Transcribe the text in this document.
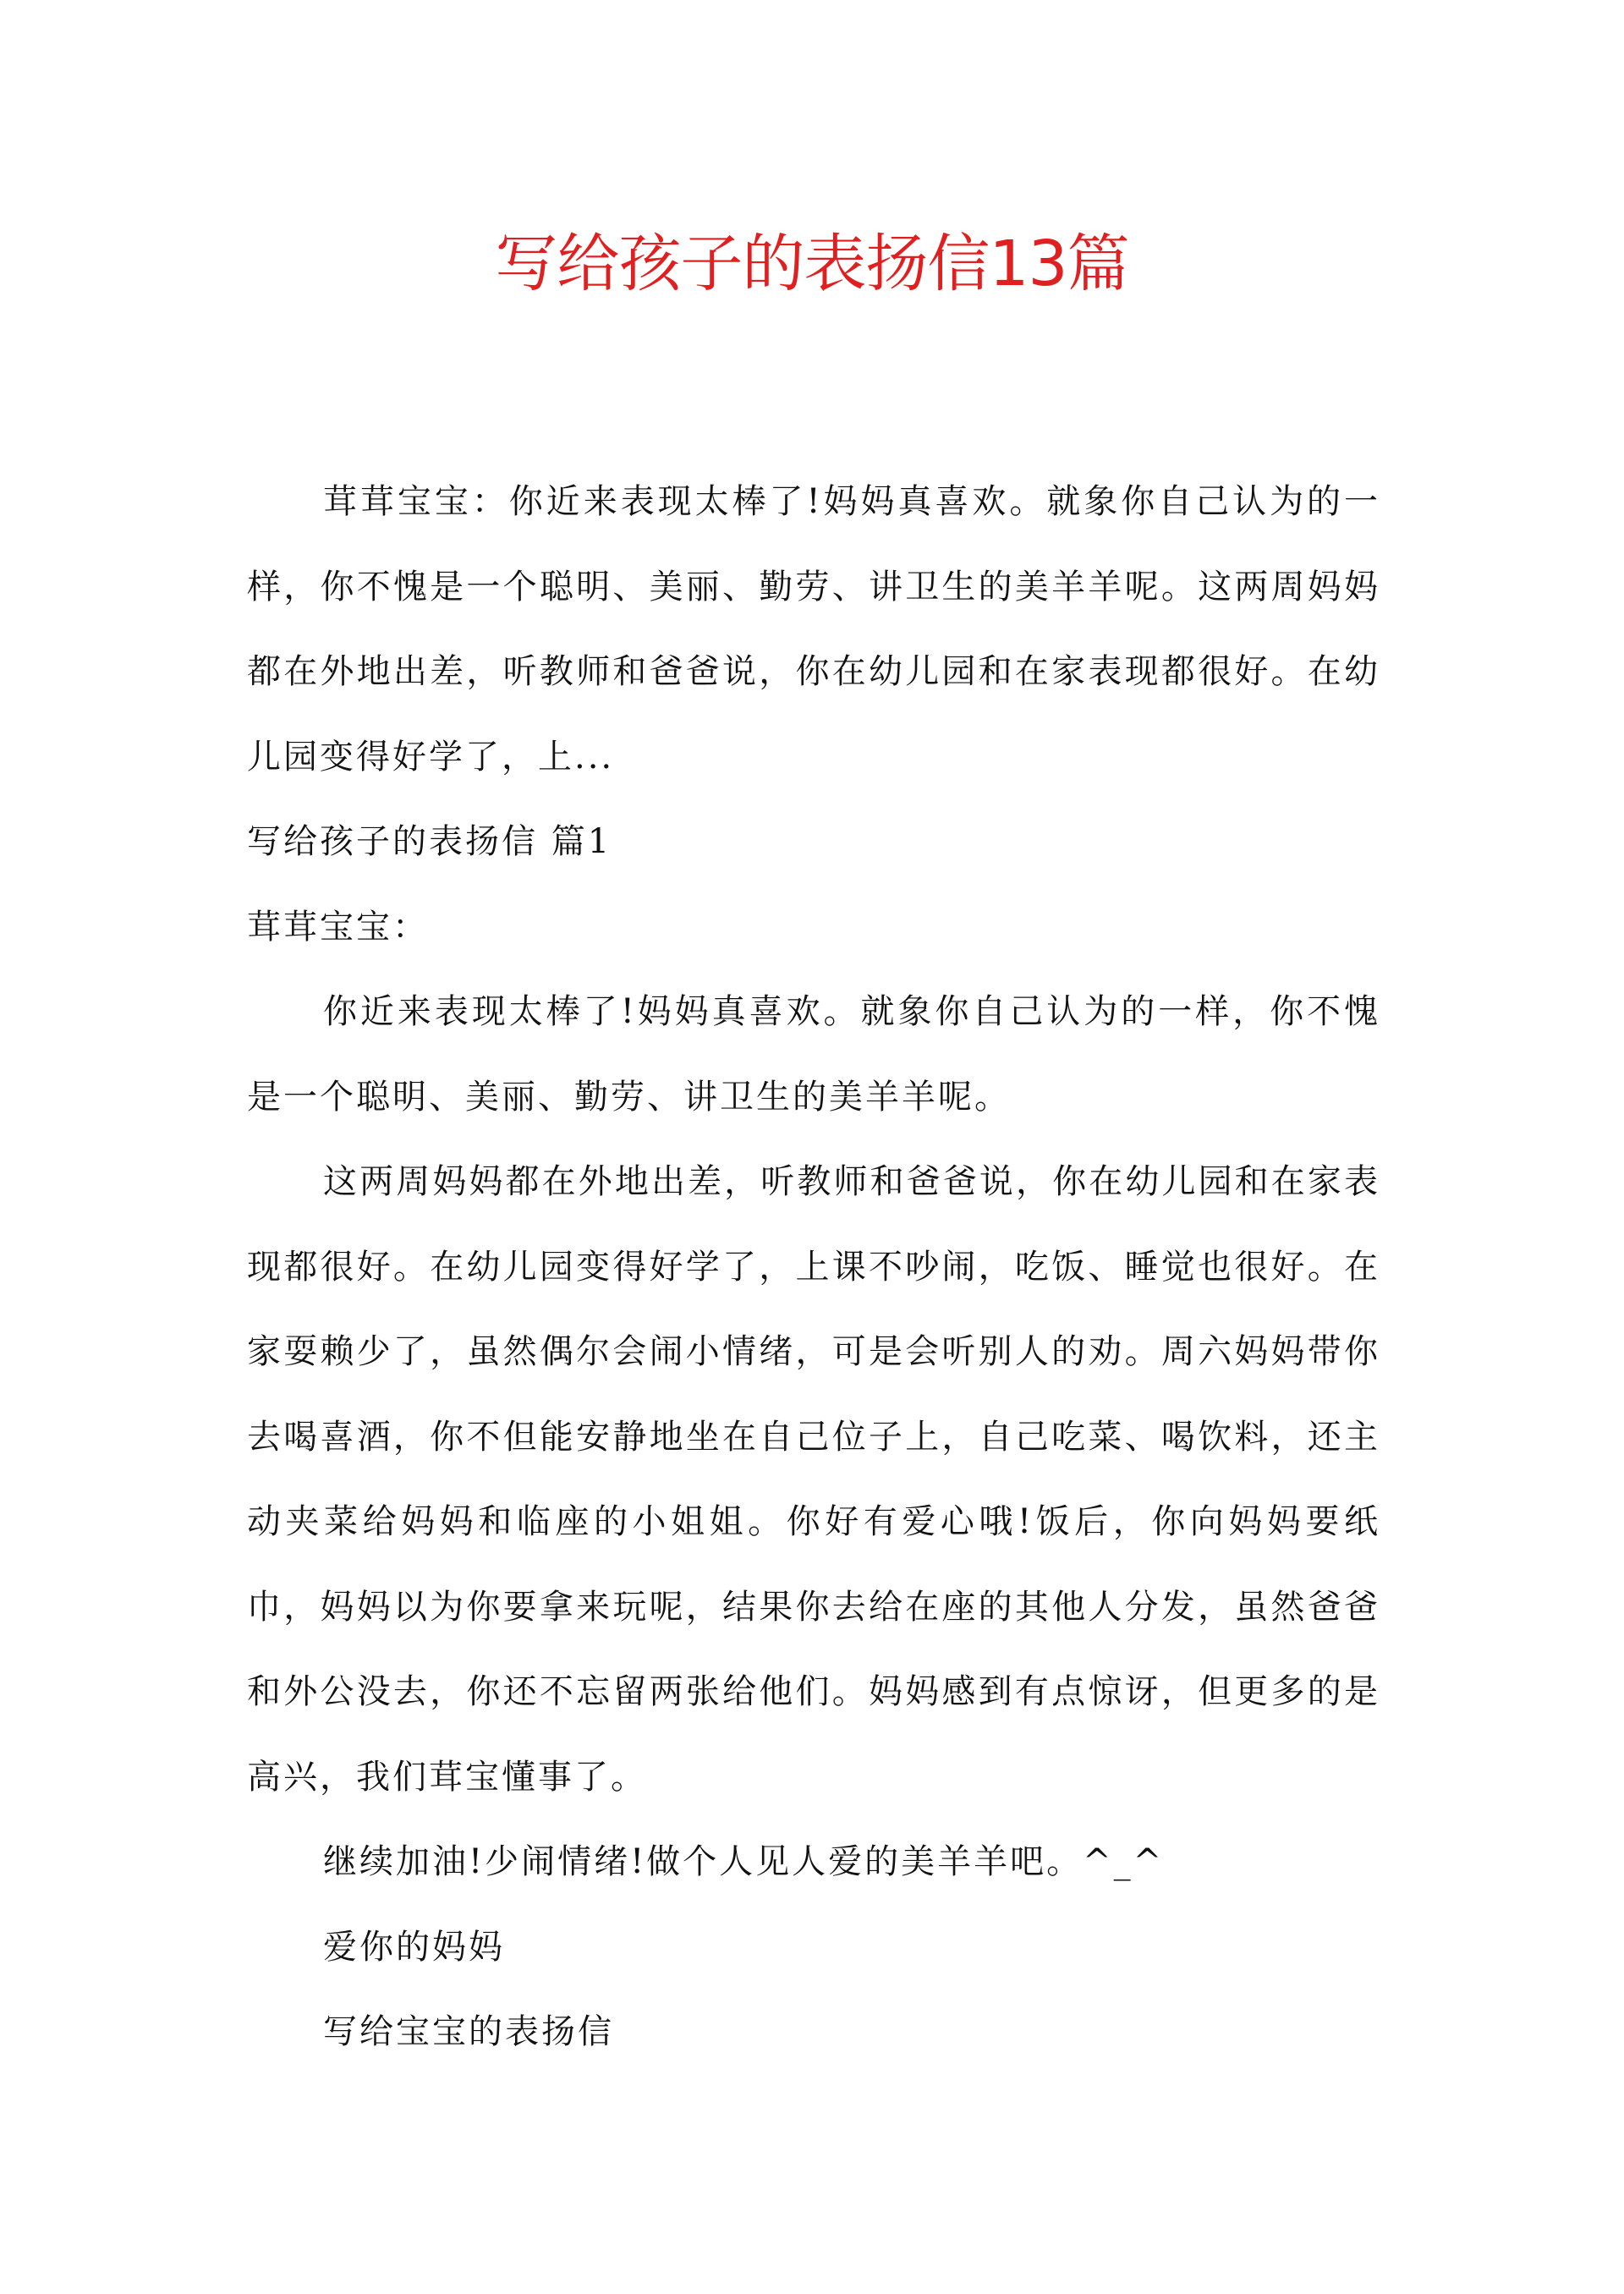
写给孩子的表扬信13篇

茸茸宝宝：你近来表现太棒了!妈妈真喜欢。就象你自己认为的一样，你不愧是一个聪明、美丽、勤劳、讲卫生的美羊羊呢。这两周妈妈都在外地出差，听教师和爸爸说，你在幼儿园和在家表现都很好。在幼儿园变得好学了，上...

写给孩子的表扬信 篇1

茸茸宝宝：

你近来表现太棒了!妈妈真喜欢。就象你自己认为的一样，你不愧是一个聪明、美丽、勤劳、讲卫生的美羊羊呢。

这两周妈妈都在外地出差，听教师和爸爸说，你在幼儿园和在家表现都很好。在幼儿园变得好学了，上课不吵闹，吃饭、睡觉也很好。在家耍赖少了，虽然偶尔会闹小情绪，可是会听别人的劝。周六妈妈带你去喝喜酒，你不但能安静地坐在自己位子上，自己吃菜、喝饮料，还主动夹菜给妈妈和临座的小姐姐。你好有爱心哦!饭后，你向妈妈要纸巾，妈妈以为你要拿来玩呢，结果你去给在座的其他人分发，虽然爸爸和外公没去，你还不忘留两张给他们。妈妈感到有点惊讶，但更多的是高兴，我们茸宝懂事了。

继续加油!少闹情绪!做个人见人爱的美羊羊吧。^_^

爱你的妈妈

写给宝宝的表扬信
